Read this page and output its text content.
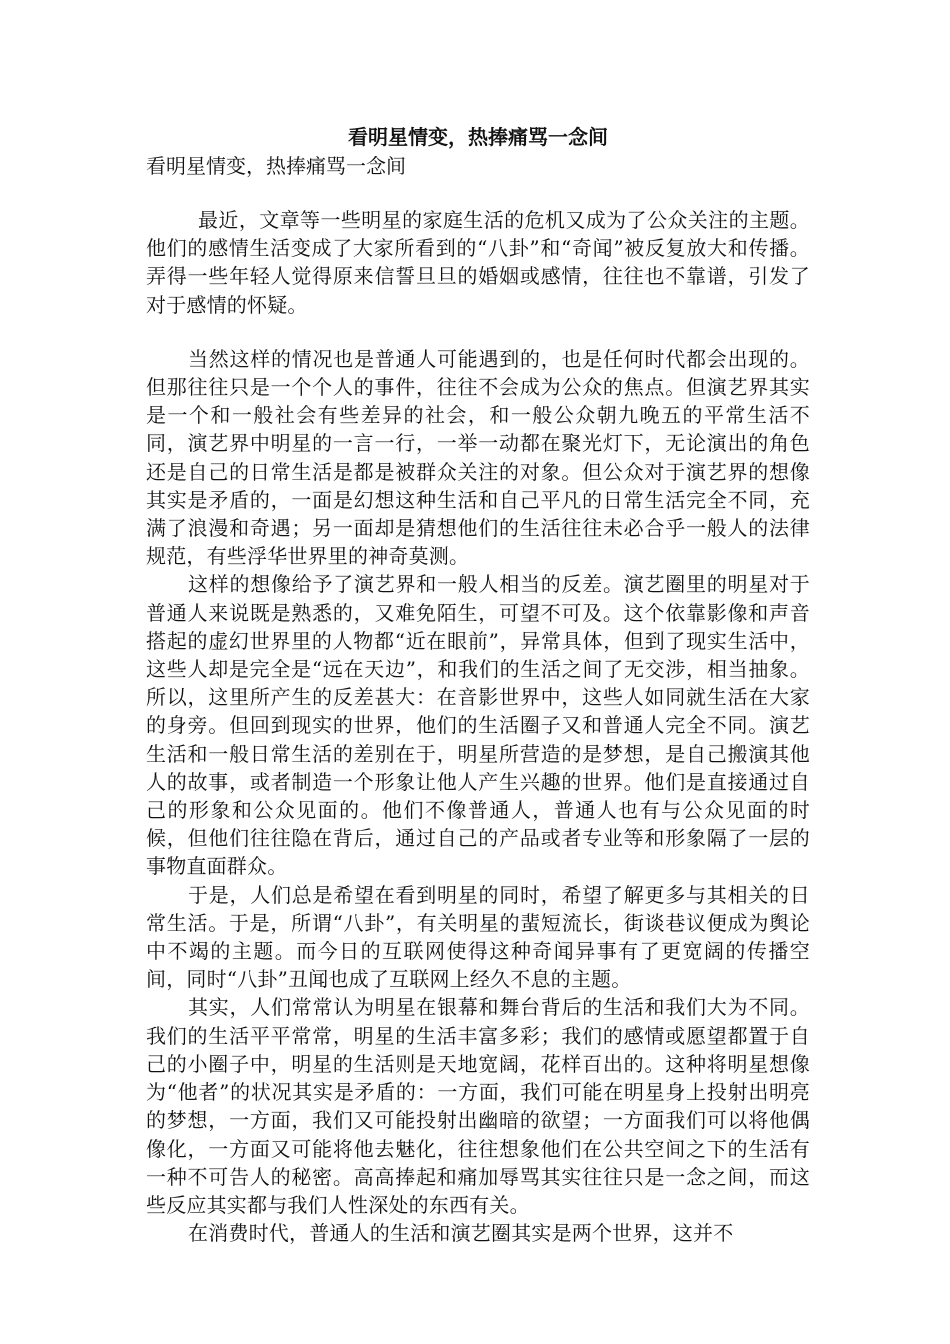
看明星情变，热捧痛骂一念间

看明星情变，热捧痛骂一念间

最近，文章等一些明星的家庭生活的危机又成为了公众关注的主题。他们的感情生活变成了大家所看到的“八卦”和“奇闻”被反复放大和传播。弄得一些年轻人觉得原来信誓旦旦的婚姻或感情，往往也不靠谱，引发了对于感情的怀疑。

当然这样的情况也是普通人可能遇到的，也是任何时代都会出现的。但那往往只是一个个人的事件，往往不会成为公众的焦点。但演艺界其实是一个和一般社会有些差异的社会，和一般公众朝九晚五的平常生活不同，演艺界中明星的一言一行，一举一动都在聚光灯下，无论演出的角色还是自己的日常生活是都是被群众关注的对象。但公众对于演艺界的想像其实是矛盾的，一面是幻想这种生活和自己平凡的日常生活完全不同，充满了浪漫和奇遇；另一面却是猜想他们的生活往往未必合乎一般人的法律规范，有些浮华世界里的神奇莫测。

这样的想像给予了演艺界和一般人相当的反差。演艺圈里的明星对于普通人来说既是熟悉的，又难免陌生，可望不可及。这个依靠影像和声音搭起的虚幻世界里的人物都“近在眼前”，异常具体，但到了现实生活中，这些人却是完全是“远在天边”，和我们的生活之间了无交涉，相当抽象。所以，这里所产生的反差甚大：在音影世界中，这些人如同就生活在大家的身旁。但回到现实的世界，他们的生活圈子又和普通人完全不同。演艺生活和一般日常生活的差别在于，明星所营造的是梦想，是自己搬演其他人的故事，或者制造一个形象让他人产生兴趣的世界。他们是直接通过自己的形象和公众见面的。他们不像普通人，普通人也有与公众见面的时候，但他们往往隐在背后，通过自己的产品或者专业等和形象隔了一层的事物直面群众。

于是，人们总是希望在看到明星的同时，希望了解更多与其相关的日常生活。于是，所谓“八卦”，有关明星的蜚短流长，街谈巷议便成为舆论中不竭的主题。而今日的互联网使得这种奇闻异事有了更宽阔的传播空间，同时“八卦”丑闻也成了互联网上经久不息的主题。

其实，人们常常认为明星在银幕和舞台背后的生活和我们大为不同。我们的生活平平常常，明星的生活丰富多彩；我们的感情或愿望都置于自己的小圈子中，明星的生活则是天地宽阔，花样百出的。这种将明星想像为“他者”的状况其实是矛盾的：一方面，我们可能在明星身上投射出明亮的梦想，一方面，我们又可能投射出幽暗的欲望；一方面我们可以将他偶像化，一方面又可能将他去魅化，往往想象他们在公共空间之下的生活有一种不可告人的秘密。高高捧起和痛加辱骂其实往往只是一念之间，而这些反应其实都与我们人性深处的东西有关。

在消费时代，普通人的生活和演艺圈其实是两个世界，这并不
